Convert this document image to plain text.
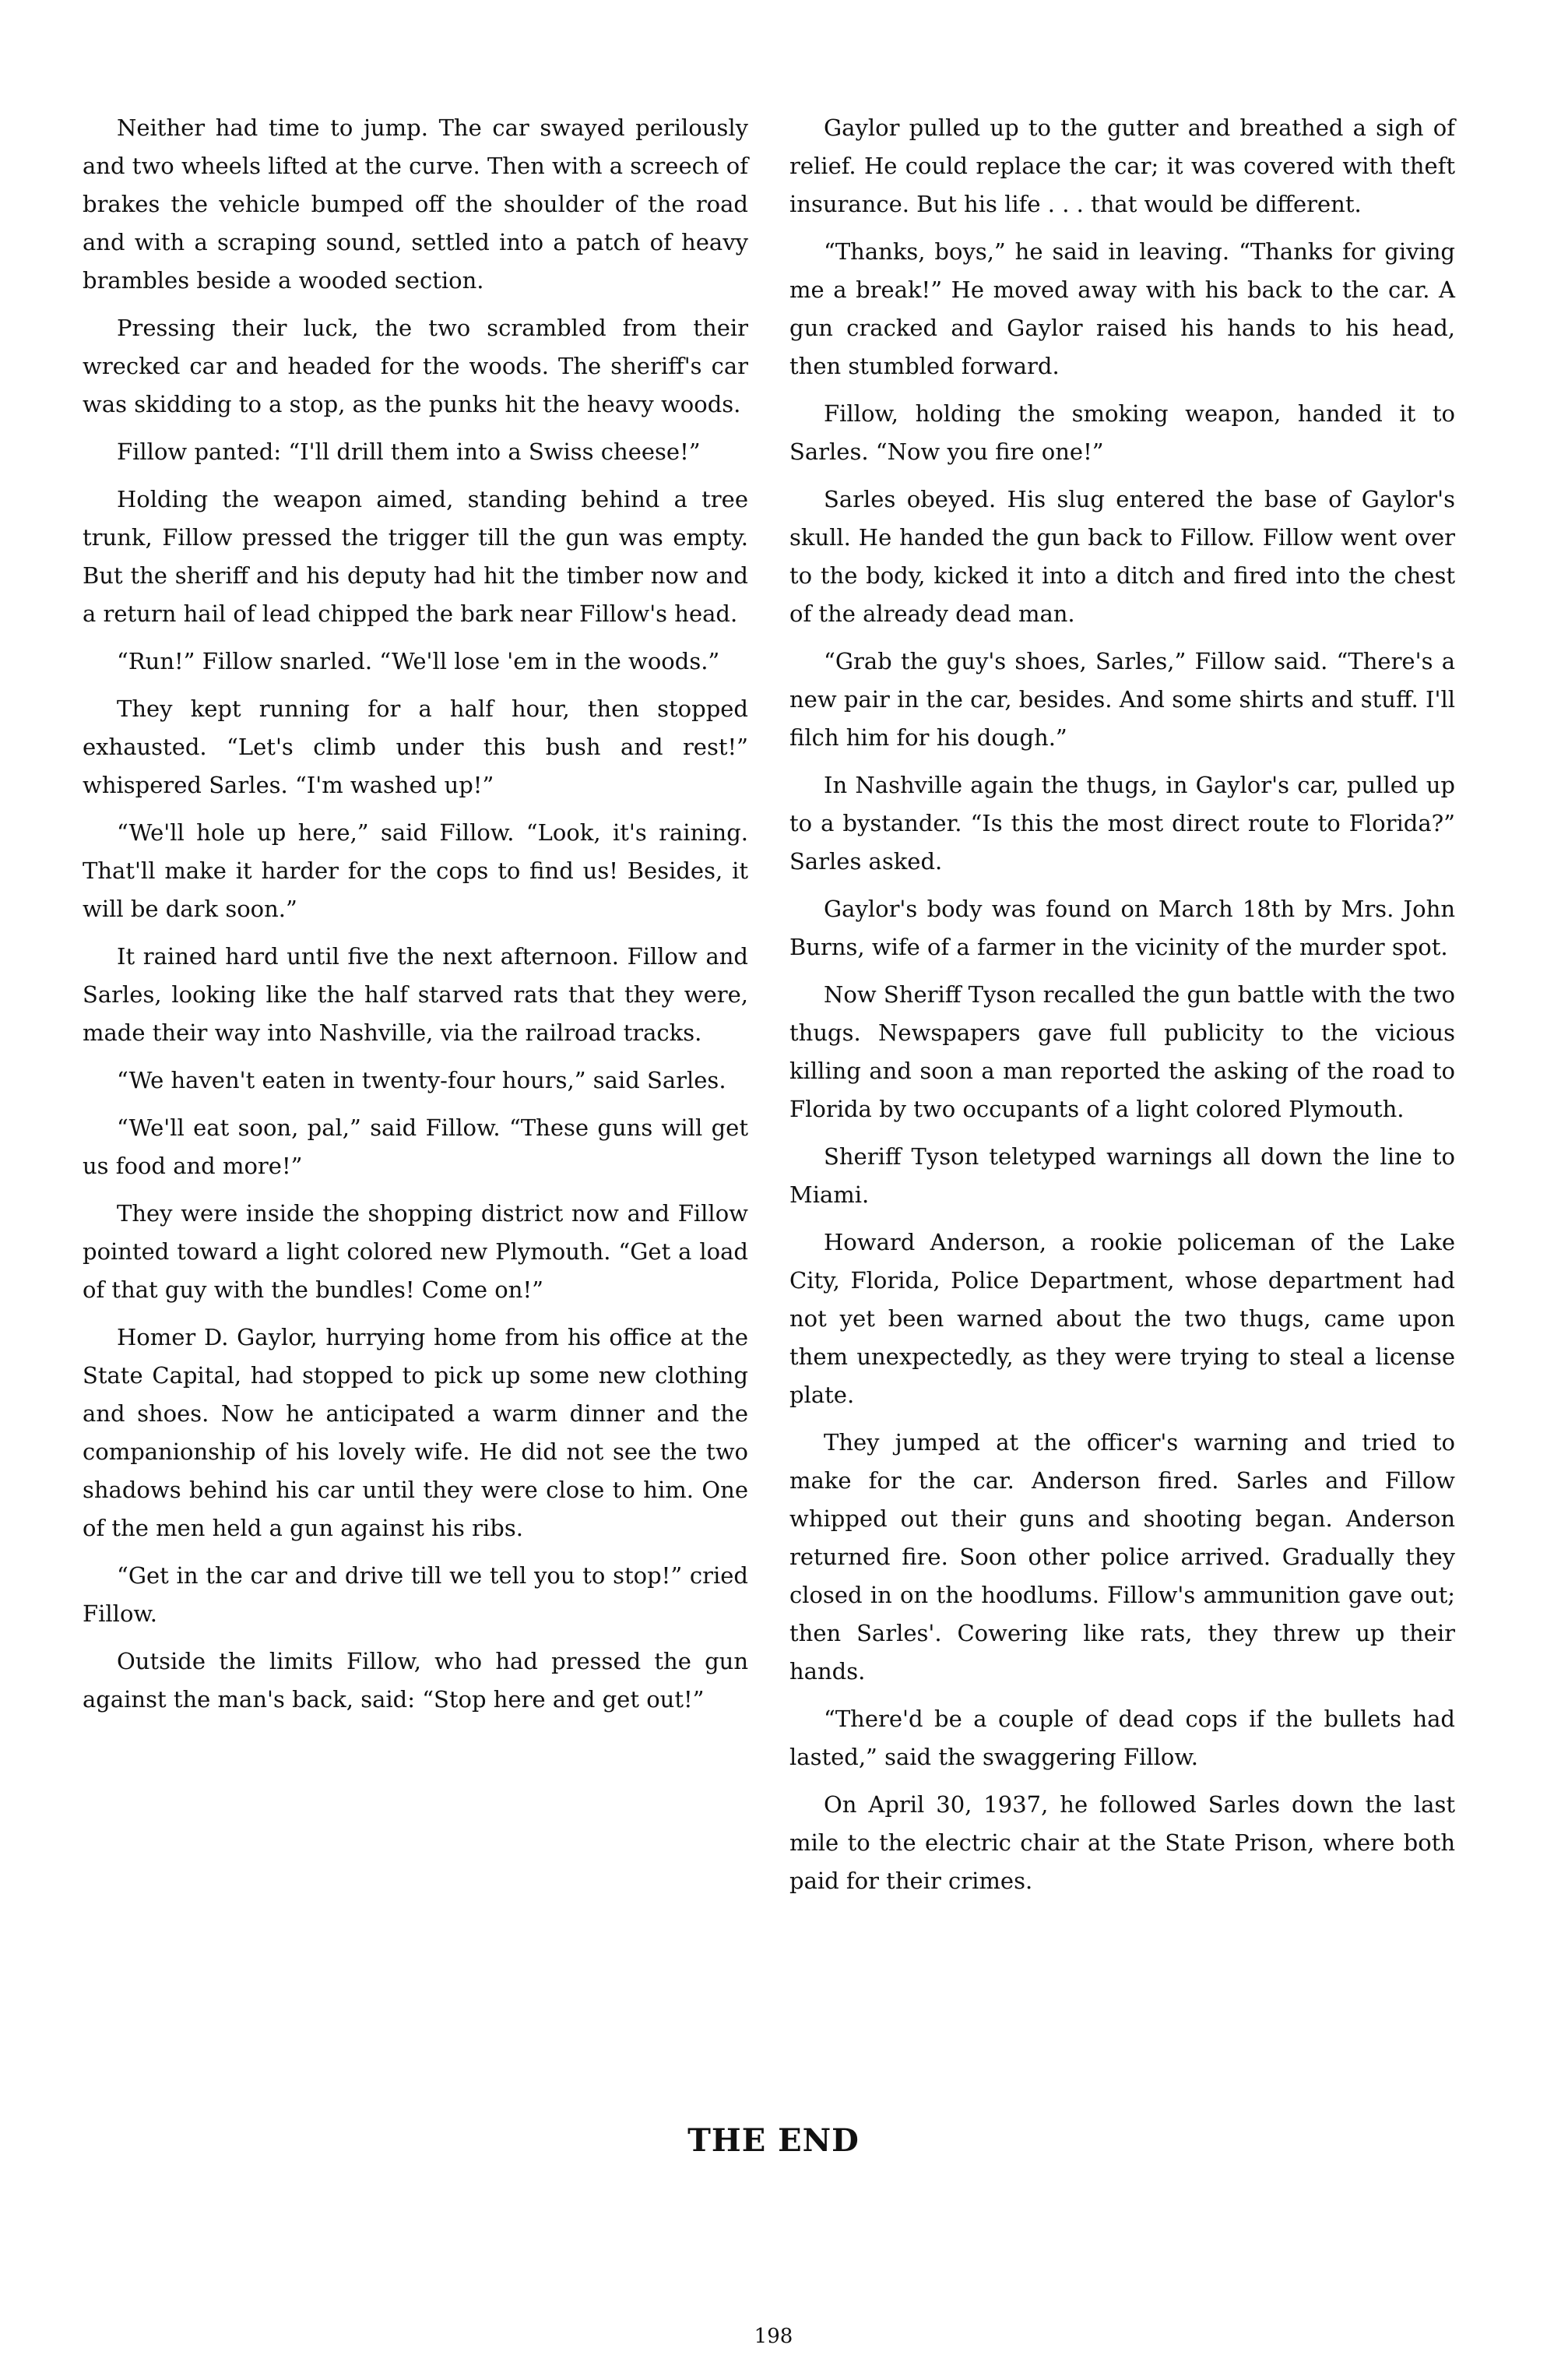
Neither had time to jump. The car swayed perilously and two wheels lifted at the curve. Then with a screech of brakes the vehicle bumped off the shoulder of the road and with a scraping sound, settled into a patch of heavy brambles beside a wooded section.

Pressing their luck, the two scrambled from their wrecked car and headed for the woods. The sheriff's car was skidding to a stop, as the punks hit the heavy woods.

Fillow panted: “I'll drill them into a Swiss cheese!”

Holding the weapon aimed, standing behind a tree trunk, Fillow pressed the trigger till the gun was empty. But the sheriff and his deputy had hit the timber now and a return hail of lead chipped the bark near Fillow's head.

“Run!” Fillow snarled. “We'll lose 'em in the woods.”

They kept running for a half hour, then stopped exhausted. “Let's climb under this bush and rest!” whispered Sarles. “I'm washed up!”

“We'll hole up here,” said Fillow. “Look, it's raining. That'll make it harder for the cops to find us! Besides, it will be dark soon.”

It rained hard until five the next afternoon. Fillow and Sarles, looking like the half starved rats that they were, made their way into Nashville, via the railroad tracks.

“We haven't eaten in twenty-four hours,” said Sarles.

“We'll eat soon, pal,” said Fillow. “These guns will get us food and more!”

They were inside the shopping district now and Fillow pointed toward a light colored new Plymouth. “Get a load of that guy with the bundles! Come on!”

Homer D. Gaylor, hurrying home from his office at the State Capital, had stopped to pick up some new clothing and shoes. Now he anticipated a warm dinner and the companionship of his lovely wife. He did not see the two shadows behind his car until they were close to him. One of the men held a gun against his ribs.

“Get in the car and drive till we tell you to stop!” cried Fillow.

Outside the limits Fillow, who had pressed the gun against the man's back, said: “Stop here and get out!”

Gaylor pulled up to the gutter and breathed a sigh of relief. He could replace the car; it was covered with theft insurance. But his life . . . that would be different.

“Thanks, boys,” he said in leaving. “Thanks for giving me a break!” He moved away with his back to the car. A gun cracked and Gaylor raised his hands to his head, then stumbled forward.

Fillow, holding the smoking weapon, handed it to Sarles. “Now you fire one!”

Sarles obeyed. His slug entered the base of Gaylor's skull. He handed the gun back to Fillow. Fillow went over to the body, kicked it into a ditch and fired into the chest of the already dead man.

“Grab the guy's shoes, Sarles,” Fillow said. “There's a new pair in the car, besides. And some shirts and stuff. I'll filch him for his dough.”

In Nashville again the thugs, in Gaylor's car, pulled up to a bystander. “Is this the most direct route to Florida?” Sarles asked.

Gaylor's body was found on March 18th by Mrs. John Burns, wife of a farmer in the vicinity of the murder spot.

Now Sheriff Tyson recalled the gun battle with the two thugs. Newspapers gave full publicity to the vicious killing and soon a man reported the asking of the road to Florida by two occupants of a light colored Plymouth.

Sheriff Tyson teletyped warnings all down the line to Miami.

Howard Anderson, a rookie policeman of the Lake City, Florida, Police Department, whose department had not yet been warned about the two thugs, came upon them unexpectedly, as they were trying to steal a license plate.

They jumped at the officer's warning and tried to make for the car. Anderson fired. Sarles and Fillow whipped out their guns and shooting began. Anderson returned fire. Soon other police arrived. Gradually they closed in on the hoodlums. Fillow's ammunition gave out; then Sarles'. Cowering like rats, they threw up their hands.

“There'd be a couple of dead cops if the bullets had lasted,” said the swaggering Fillow.

On April 30, 1937, he followed Sarles down the last mile to the electric chair at the State Prison, where both paid for their crimes.

THE END
198
